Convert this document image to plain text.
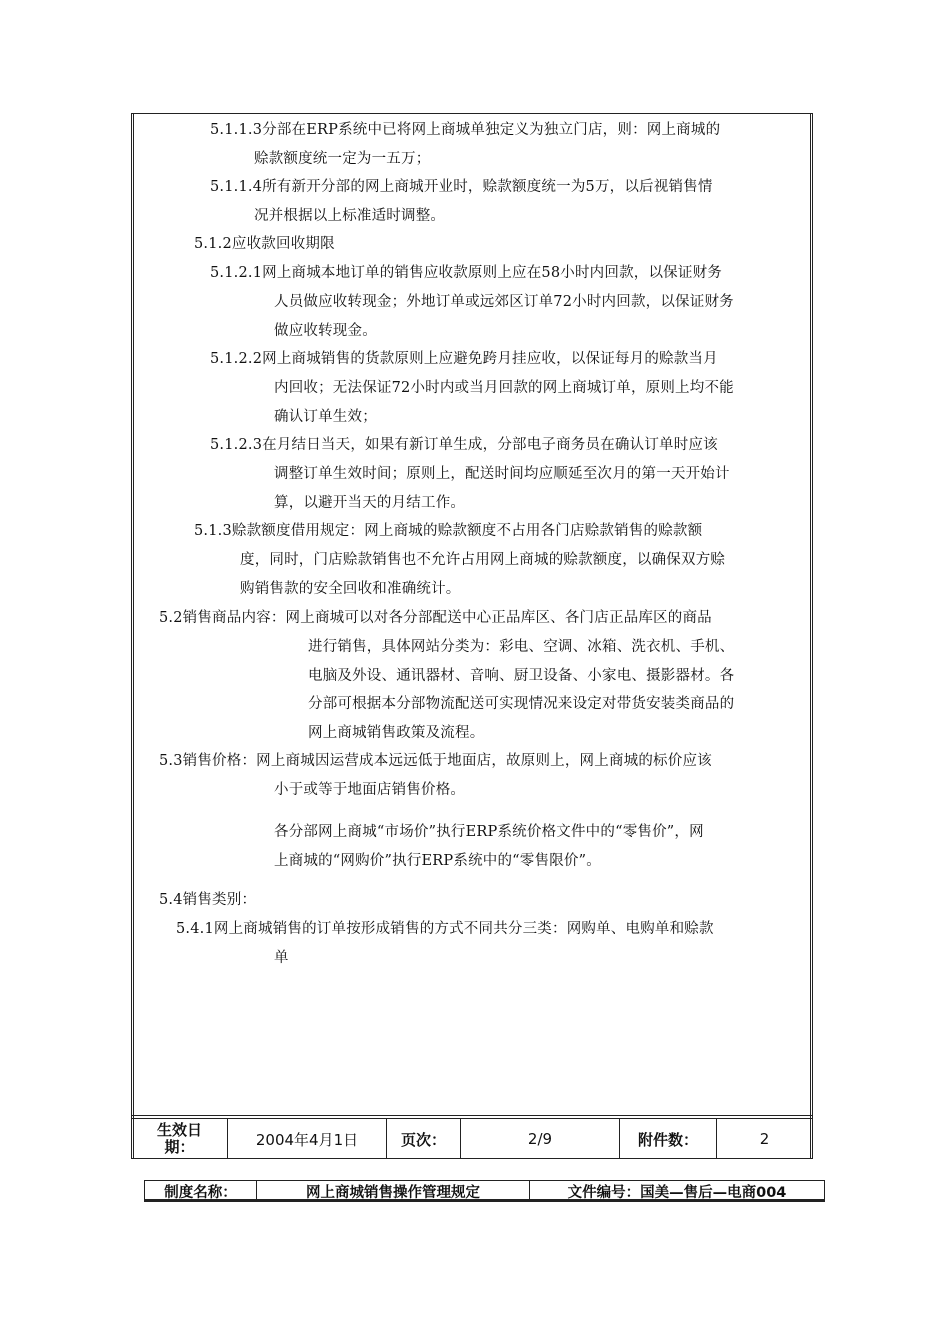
5.1.1.3分部在ERP系统中已将网上商城单独定义为独立门店，则：网上商城的
赊款额度统一定为一五万；
5.1.1.4所有新开分部的网上商城开业时，赊款额度统一为5万，以后视销售情
况并根据以上标准适时调整。
5.1.2应收款回收期限
5.1.2.1网上商城本地订单的销售应收款原则上应在58小时内回款，以保证财务
人员做应收转现金；外地订单或远郊区订单72小时内回款，以保证财务
做应收转现金。
5.1.2.2网上商城销售的货款原则上应避免跨月挂应收，以保证每月的赊款当月
内回收；无法保证72小时内或当月回款的网上商城订单，原则上均不能
确认订单生效；
5.1.2.3在月结日当天，如果有新订单生成，分部电子商务员在确认订单时应该
调整订单生效时间；原则上，配送时间均应顺延至次月的第一天开始计
算，以避开当天的月结工作。
5.1.3赊款额度借用规定：网上商城的赊款额度不占用各门店赊款销售的赊款额
度，同时，门店赊款销售也不允许占用网上商城的赊款额度，以确保双方赊
购销售款的安全回收和准确统计。
5.2销售商品内容：网上商城可以对各分部配送中心正品库区、各门店正品库区的商品
进行销售，具体网站分类为：彩电、空调、冰箱、洗衣机、手机、
电脑及外设、通讯器材、音响、厨卫设备、小家电、摄影器材。各
分部可根据本分部物流配送可实现情况来设定对带货安装类商品的
网上商城销售政策及流程。
5.3销售价格：网上商城因运营成本远远低于地面店，故原则上，网上商城的标价应该
小于或等于地面店销售价格。
各分部网上商城“市场价”执行ERP系统价格文件中的“零售价”，网
上商城的“网购价”执行ERP系统中的“零售限价”。
5.4销售类别：
5.4.1网上商城销售的订单按形成销售的方式不同共分三类：网购单、电购单和赊款
单
生效日
期：	2004年4月1日	页次：	2/9	附件数：	2
制度名称：	网上商城销售操作管理规定	文件编号：国美—售后—电商004
